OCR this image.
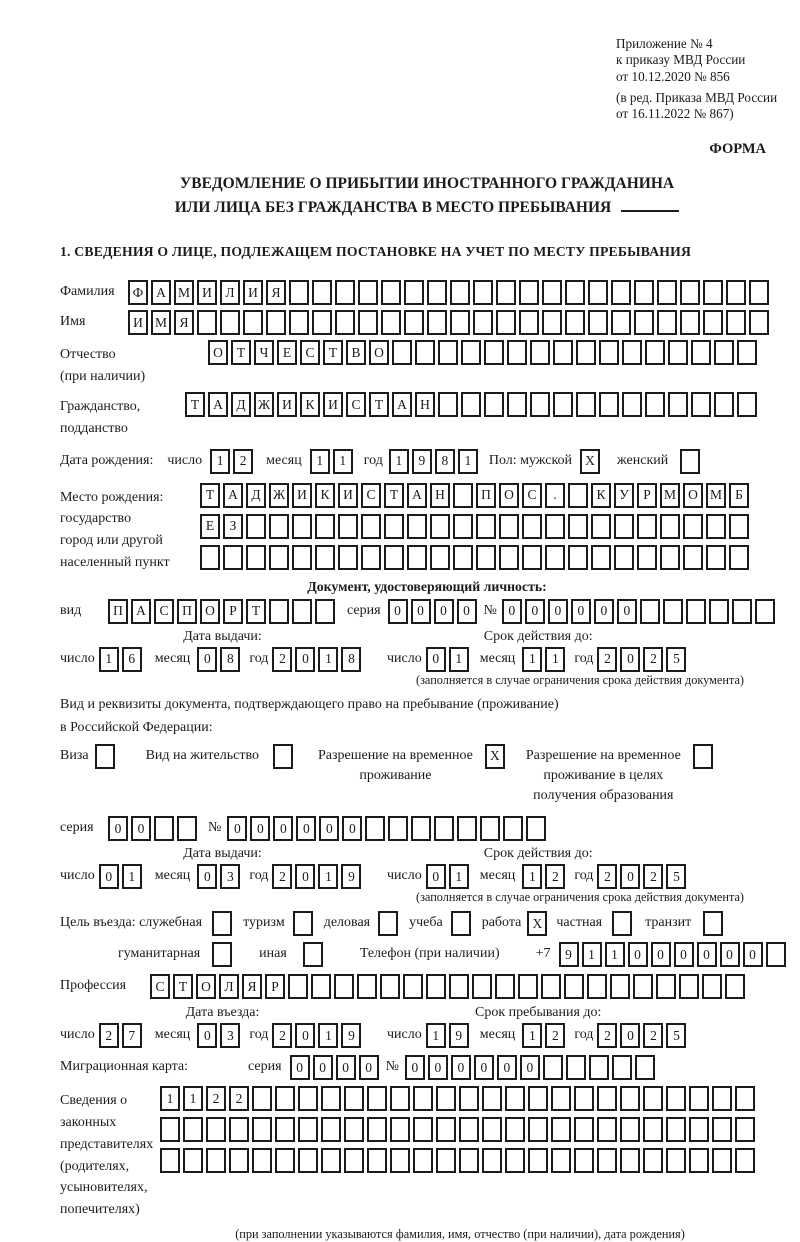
Приложение № 4
к приказу МВД России
от 10.12.2020 № 856
(в ред. Приказа МВД России
от 16.11.2022 № 867)
ФОРМА
УВЕДОМЛЕНИЕ О ПРИБЫТИИ ИНОСТРАННОГО ГРАЖДАНИНА
ИЛИ ЛИЦА БЕЗ ГРАЖДАНСТВА В МЕСТО ПРЕБЫВАНИЯ
1. СВЕДЕНИЯ О ЛИЦЕ, ПОДЛЕЖАЩЕМ ПОСТАНОВКЕ НА УЧЕТ ПО МЕСТУ ПРЕБЫВАНИЯ
Фамилия	Ф А М И	Л	И	Я
Имя	И М Я
Отчество
(при наличии)
О	Т	Ч	Е	С	Т	В	О
Гражданство,
подданство
Т	А	Д Ж И	К	И	С	Т	А Н
Дата рождения: число	1	2	месяц	1	1	год 1	9	8	1	Пол: мужской X	женский
Место рождения:
государство
город или другой
населенный пункт
Т	А	Д Ж И	К	И	С	Т	А Н	П О	С	.	К	У	Р М О М Б
Е	З
Документ, удостоверяющий личность:
вид	П А	С	П О	Р	Т	серия	0	0	0	0 № 0	0	0	0	0	0
Дата выдачи:
число 1	6	месяц	0	8	год 2	0	1	8
Срок действия до:
число 0	1	месяц	1	1	год 2	0	2	5
(заполняется в случае ограничения срока действия документа)
Вид и реквизиты документа, подтверждающего право на пребывание (проживание)
в Российской Федерации:
Виза	Вид на жительство	Разрешение на временное
проживание
X	Разрешение на временное
проживание в целях
получения образования
серия	0	0	№ 0	0	0	0	0	0
Дата выдачи:
число 0	1	месяц	0	3	год 2	0	1	9
Срок действия до:
число 0	1	месяц	1	2	год 2	0	2	5
(заполняется в случае ограничения срока действия документа)
Цель въезда: служебная	туризм	деловая	учеба	работа X	частная	транзит
гуманитарная	иная	Телефон (при наличии)	+7	9	1	1	0	0	0	0	0	0
Профессия	С	Т	О	Л	Я	Р
Дата въезда:
число 2	7	месяц	0	3	год 2	0	1	9
Срок пребывания до:
число 1	9	месяц	1	2	год 2	0	2	5
Миграционная карта:	серия	0	0	0	0 № 0	0	0	0	0	0
Сведения о
законных
представителях
(родителях,
усыновителях,
попечителях)
1	1	2	2
(при заполнении указываются фамилия, имя, отчество (при наличии), дата рождения)
